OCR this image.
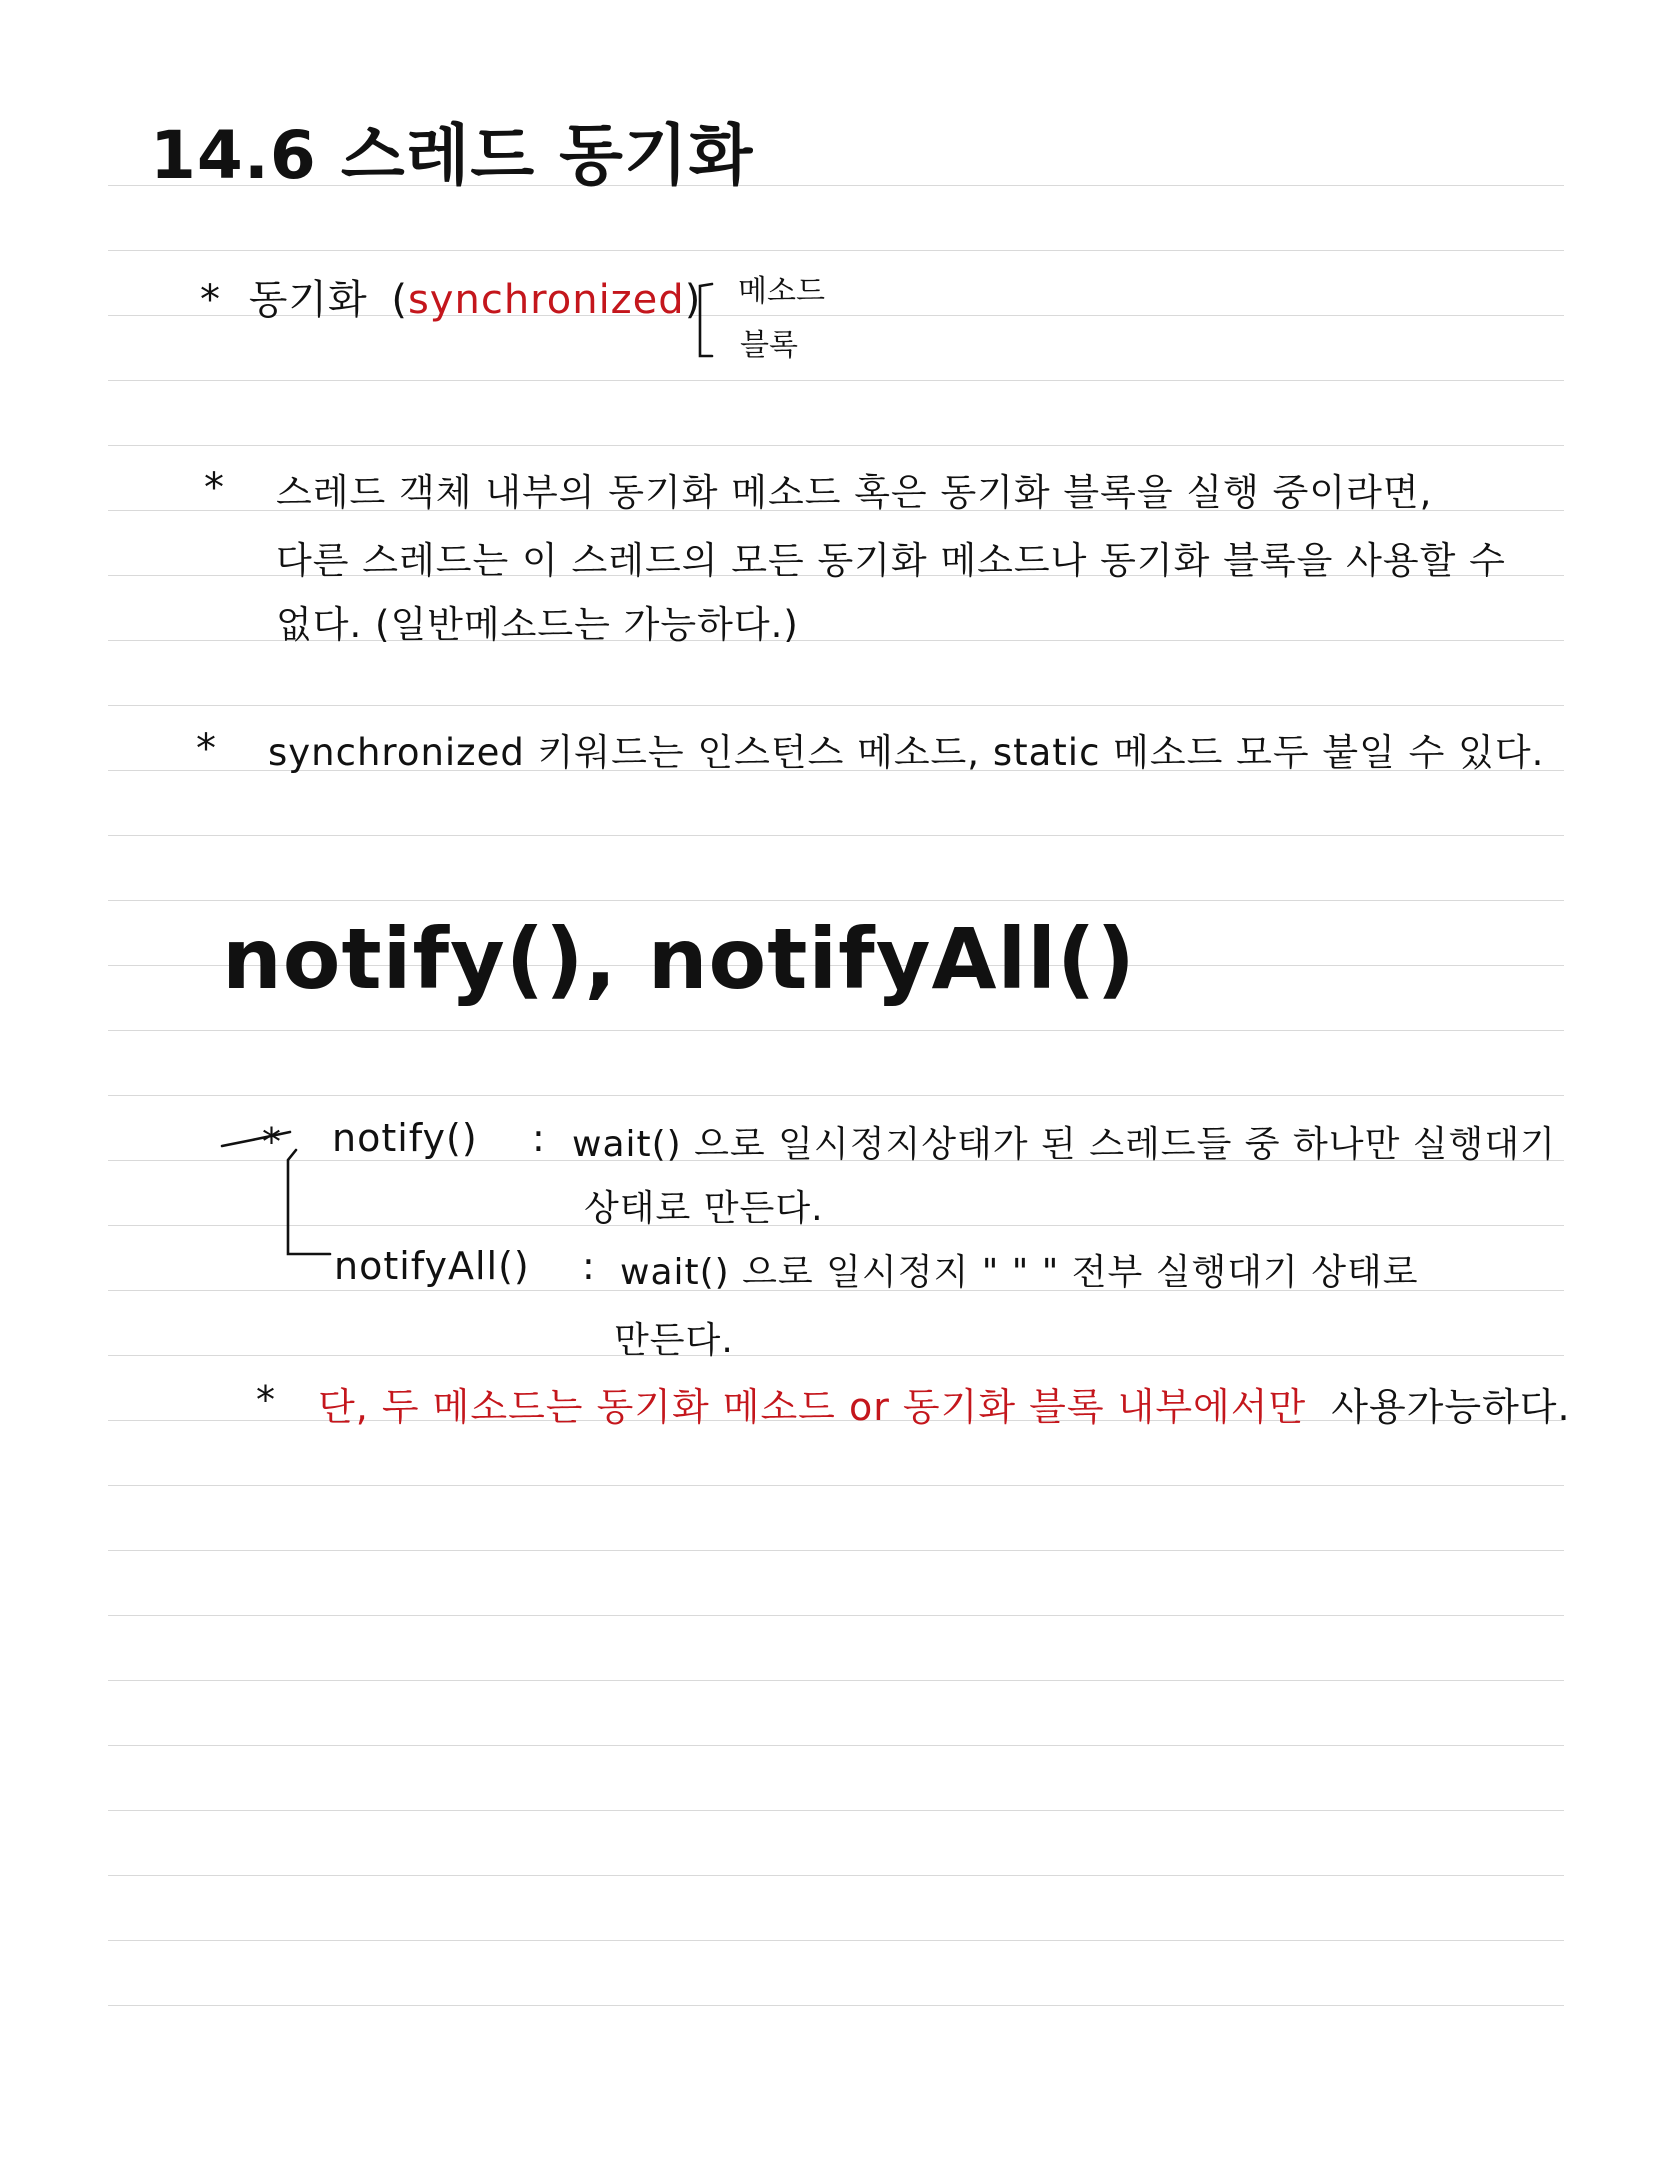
14.6 스레드 동기화
* 동기화 (synchronized) 메소드
블록
* 스레드 객체 내부의 동기화 메소드 혹은 동기화 블록을 실행 중이라면,
다른 스레드는 이 스레드의 모든 동기화 메소드나 동기화 블록을 사용할 수
없다. (일반메소드는 가능하다.)
* synchronized 키워드는 인스턴스 메소드, static 메소드 모두 붙일 수 있다.
notify(), notifyAll()
* notify() : wait() 으로 일시정지상태가 된 스레드들 중 하나만 실행대기
상태로 만든다.
notifyAll() : wait() 으로 일시정지 " " " 전부 실행대기 상태로
만든다.
* 단, 두 메소드는 동기화 메소드 or 동기화 블록 내부에서만 사용가능하다.
